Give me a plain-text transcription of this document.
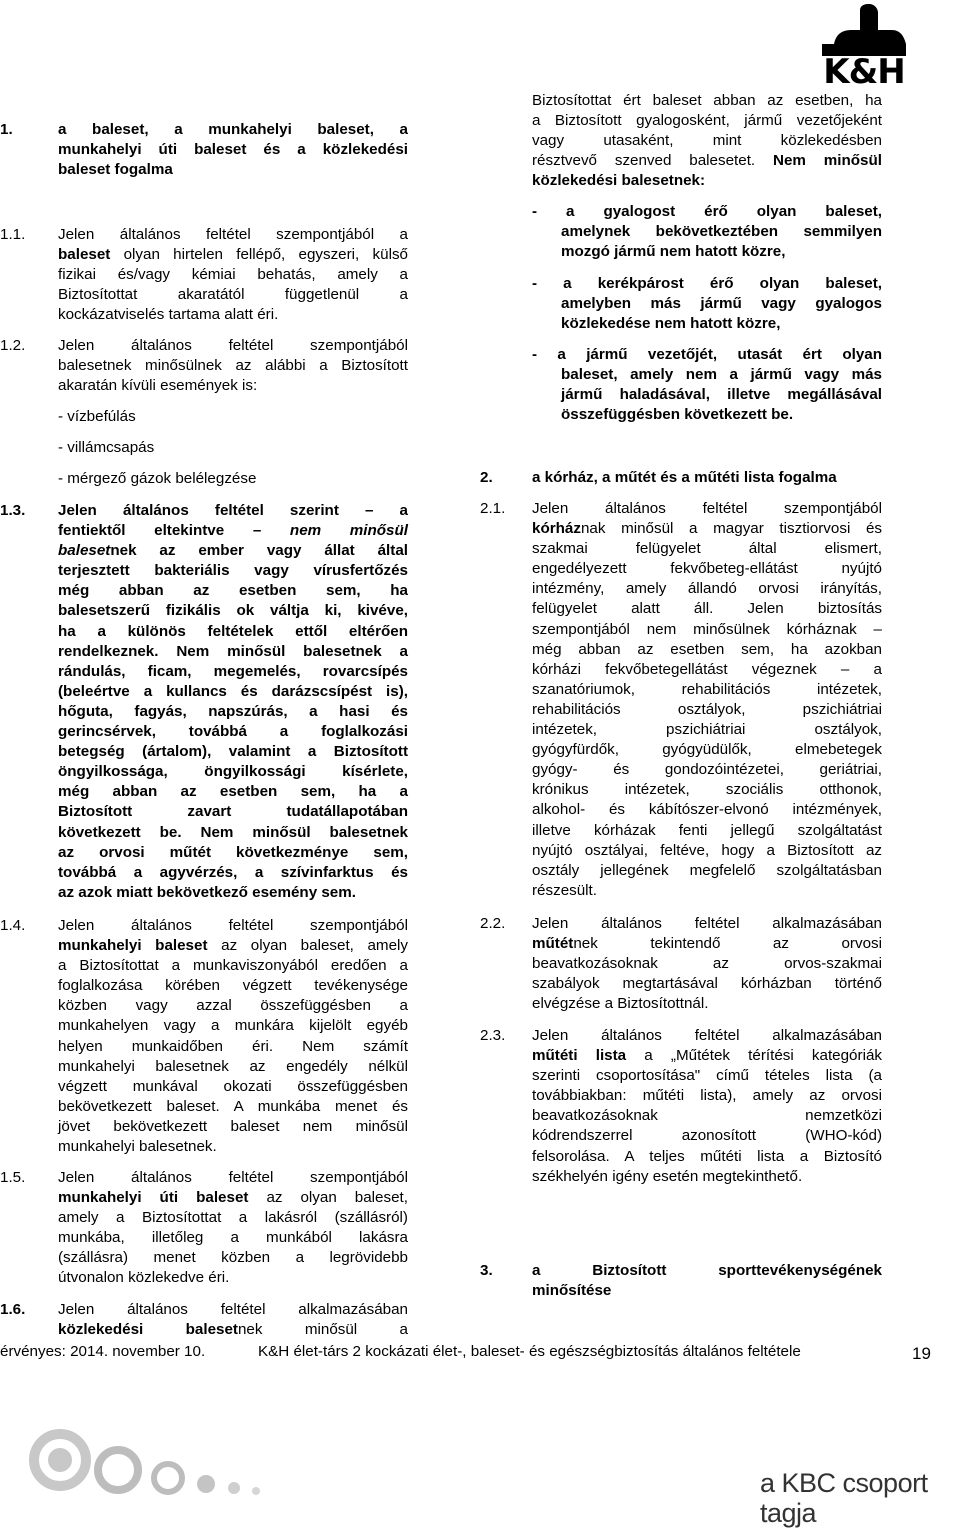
K&H
1.	a baleset, a munkahelyi baleset, a
munkahelyi úti baleset és a közlekedési
baleset fogalma
1.1. Jelen általános feltétel szempontjából a
baleset olyan hirtelen fellépő, egyszeri, külső
fizikai és/vagy kémiai behatás, amely a
Biztosítottat akaratától függetlenül a
kockázatviselés tartama alatt éri.
1.2. Jelen általános feltétel szempontjából
balesetnek minősülnek az alábbi a Biztosított
akaratán kívüli események is:
- vízbefúlás
- villámcsapás
- mérgező gázok belélegzése
1.3. Jelen általános feltétel szerint – a
fentiektől eltekintve – nem minősül
balesetnek az ember vagy állat által
terjesztett bakteriális vagy vírusfertőzés
még abban az esetben sem, ha
balesetszerű fizikális ok váltja ki, kivéve,
ha a különös feltételek ettől eltérően
rendelkeznek. Nem minősül balesetnek a
rándulás, ficam, megemelés, rovarcsípés
(beleértve a kullancs és darázscsípést is),
hőguta, fagyás, napszúrás, a hasi és
gerincsérvek, továbbá a foglalkozási
betegség (ártalom), valamint a Biztosított
öngyilkossága, öngyilkossági kísérlete,
még abban az esetben sem, ha a
Biztosított zavart tudatállapotában
következett be. Nem minősül balesetnek
az orvosi műtét következménye sem,
továbbá a agyvérzés, a szívinfarktus és
az azok miatt bekövetkező esemény sem.
1.4. Jelen általános feltétel szempontjából
munkahelyi baleset az olyan baleset, amely
a Biztosítottat a munkaviszonyából eredően a
foglalkozása körében végzett tevékenysége
közben vagy azzal összefüggésben a
munkahelyen vagy a munkára kijelölt egyéb
helyen munkaidőben éri. Nem számít
munkahelyi balesetnek az engedély nélkül
végzett munkával okozati összefüggésben
bekövetkezett baleset. A munkába menet és
jövet bekövetkezett baleset nem minősül
munkahelyi balesetnek.
1.5. Jelen általános feltétel szempontjából
munkahelyi úti baleset az olyan baleset,
amely a Biztosítottat a lakásról (szállásról)
munkába, illetőleg a munkából lakásra
(szállásra) menet közben a legrövidebb
útvonalon közlekedve éri.
1.6. Jelen általános feltétel alkalmazásában
közlekedési balesetnek minősül a
Biztosítottat ért baleset abban az esetben, ha
a Biztosított gyalogosként, jármű vezetőjeként
vagy utasaként, mint közlekedésben
résztvevő szenved balesetet. Nem minősül
közlekedési balesetnek:
- a gyalogost érő olyan baleset,
amelynek bekövetkeztében semmilyen
mozgó jármű nem hatott közre,
- a kerékpárost érő olyan baleset,
amelyben más jármű vagy gyalogos
közlekedése nem hatott közre,
- a jármű vezetőjét, utasát ért olyan
baleset, amely nem a jármű vagy más
jármű haladásával, illetve megállásával
összefüggésben következett be.
2.	a kórház, a műtét és a műtéti lista fogalma
2.1. Jelen általános feltétel szempontjából
kórháznak minősül a magyar tisztiorvosi és
szakmai felügyelet által elismert,
engedélyezett fekvőbeteg-ellátást nyújtó
intézmény, amely állandó orvosi irányítás,
felügyelet alatt áll. Jelen biztosítás
szempontjából nem minősülnek kórháznak –
még abban az esetben sem, ha azokban
kórházi fekvőbetegellátást végeznek – a
szanatóriumok, rehabilitációs intézetek,
rehabilitációs osztályok, pszichiátriai
intézetek, pszichiátriai osztályok,
gyógyfürdők, gyógyüdülők, elmebetegek
gyógy- és gondozóintézetei, geriátriai,
krónikus intézetek, szociális otthonok,
alkohol- és kábítószer-elvonó intézmények,
illetve kórházak fenti jellegű szolgáltatást
nyújtó osztályai, feltéve, hogy a Biztosított az
osztály jellegének megfelelő szolgáltatásban
részesült.
2.2. Jelen általános feltétel alkalmazásában
műtétnek tekintendő az orvosi
beavatkozásoknak az orvos-szakmai
szabályok megtartásával kórházban történő
elvégzése a Biztosítottnál.
2.3. Jelen általános feltétel alkalmazásában
műtéti lista a „Műtétek térítési kategóriák
szerinti csoportosítása" című tételes lista (a
továbbiakban: műtéti lista), amely az orvosi
beavatkozásoknak nemzetközi
kódrendszerrel azonosított (WHO-kód)
felsorolása. A teljes műtéti lista a Biztosító
székhelyén igény esetén megtekinthető.
3.	a Biztosított sporttevékenységének
minősítése
érvényes: 2014. november 10.	K&H élet-társ 2 kockázati élet-, baleset- és egészségbiztosítás általános feltétele	19
a KBC csoport tagja
